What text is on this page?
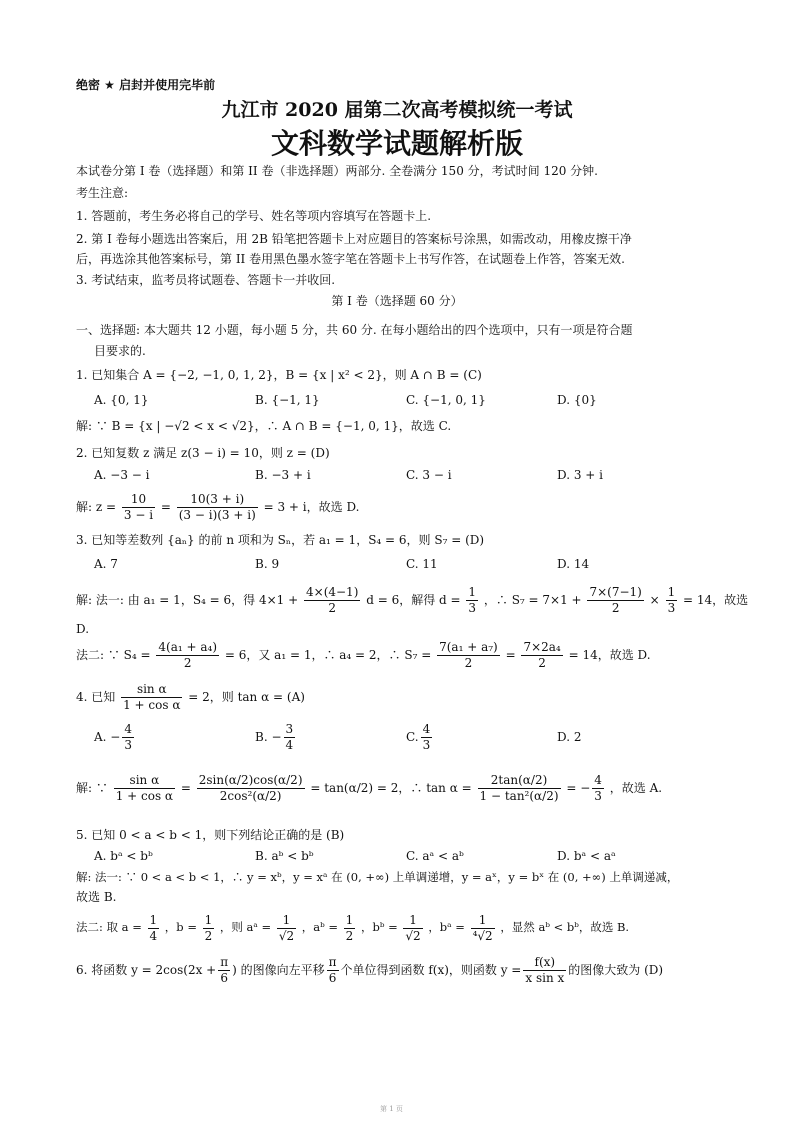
绝密 ★ 启封并使用完毕前
九江市 2020 届第二次高考模拟统一考试
文科数学试题解析版
本试卷分第 I 卷（选择题）和第 II 卷（非选择题）两部分. 全卷满分 150 分，考试时间 120 分钟.
考生注意:
1. 答题前，考生务必将自己的学号、姓名等项内容填写在答题卡上.
2. 第 I 卷每小题选出答案后，用 2B 铅笔把答题卡上对应题目的答案标号涂黑，如需改动，用橡皮擦干净
后，再选涂其他答案标号，第 II 卷用黑色墨水签字笔在答题卡上书写作答，在试题卷上作答，答案无效.
3. 考试结束，监考员将试题卷、答题卡一并收回.
第 I 卷（选择题 60 分）
一、选择题: 本大题共 12 小题，每小题 5 分，共 60 分. 在每小题给出的四个选项中，只有一项是符合题
目要求的.
1. 已知集合 A = {−2, −1, 0, 1, 2}，B = {x | x² < 2}，则 A ∩ B = (C)
A. {0, 1}	B. {−1, 1}	C. {−1, 0, 1}	D. {0}
解: ∵ B = {x | −√2 < x < √2}，∴ A ∩ B = {−1, 0, 1}，故选 C.
2. 已知复数 z 满足 z(3 − i) = 10，则 z = (D)
A. −3 − i	B. −3 + i	C. 3 − i	D. 3 + i
解: $z = \frac{10}{3 - i} = \frac{10(3 + i)}{(3 - i)(3 + i)} = 3 + i$，故选 D.
3. 已知等差数列 {aₙ} 的前 n 项和为 Sₙ，若 a₁ = 1，S₄ = 6，则 S₇ = (D)
A. 7	B. 9	C. 11	D. 14
解: 法一: 由 a₁ = 1，S₄ = 6，得 $4\times 1 + \frac{4\times(4-1)}{2}$ d = 6，解得 $d = \frac{1}{3}$ ，∴ $S_7 = 7\times 1 + \frac{7\times(7-1)}{2} \times \frac{1}{3} = 14$，故选
D.
法二: ∵ $S_4 = \frac{\text{4(a₁ + a₄)}}{2} = 6$，又 a₁ = 1，∴ a₄ = 2，∴ $S_7 = \frac{\text{7(a₁ + a₇)}}{2} = \frac{\text{7×2a₄}}{2} = 14$，故选 D.
4. 已知 $\frac{\text{sin α}}{\text{1 + cos α}} = 2$，则 tan α = (A)
A. − $\frac{4}{3}$	B. − $\frac{3}{4}$	C. $\frac{4}{3}$	D. 2
解: ∵ $\frac{\text{sin α}}{\text{1 + cos α}} = \frac{2\sin(\alpha/2)\cos(\alpha/2)}{\text{2cos²(α/2)}} = \tan(\alpha/2) = 2$，∴ $\tan \alpha = \frac{2\tan(\alpha/2)}{\text{1 − tan²(α/2)}}$ = − $\frac{4}{3}$ ，故选 A.
5. 已知 0 < a < b < 1，则下列结论正确的是 (B)
A. bᵃ < bᵇ	B. aᵇ < bᵇ	C. aᵃ < aᵇ	D. bᵃ < aᵃ
解: 法一: ∵ 0 < a < b < 1，∴ y = xᵇ，y = xᵃ 在 (0, +∞) 上单调递增，y = aˣ，y = bˣ 在 (0, +∞) 上单调递减，
故选 B.
法二: 取 $a = \frac{1}{4}$ ，$b = \frac{1}{2}$ ，则 aᵃ = $\frac{1}{√2}$ ，aᵇ = $\frac{1}{2}$ ，bᵇ = $\frac{1}{√2}$ ，bᵃ = $\frac{1}{\text{⁴√2}}$ ，显然 aᵇ < bᵇ，故选 B.
6. 将函数 $y = 2\cos(2x + \frac{\pi}{6}$ ) 的图像向左平移 $\frac{\pi}{6}$ 个单位得到函数 f(x)，则函数 $y = \frac{f(x)}{\text{x sin x}}$ 的图像大致为 (D)
第 1 页
